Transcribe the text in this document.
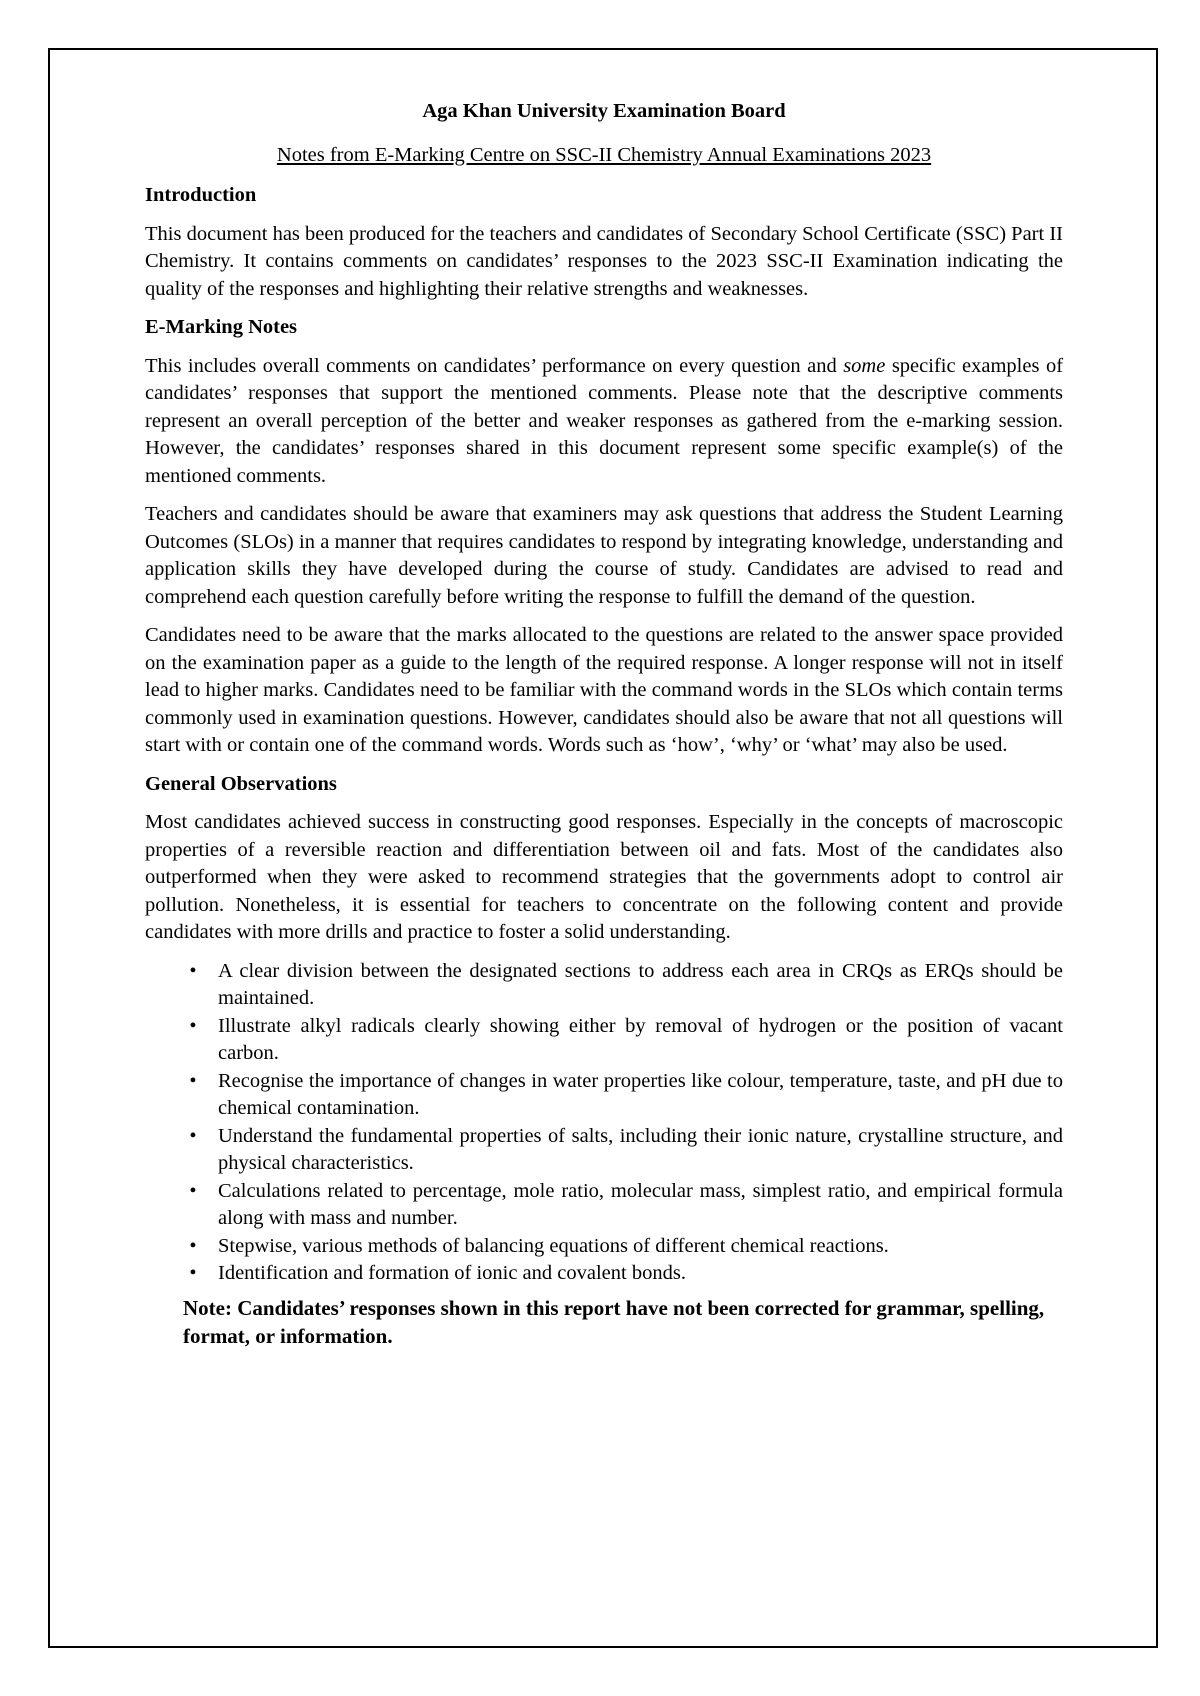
Aga Khan University Examination Board
Notes from E-Marking Centre on SSC-II Chemistry Annual Examinations 2023
Introduction

This document has been produced for the teachers and candidates of Secondary School Certificate (SSC) Part II Chemistry. It contains comments on candidates’ responses to the 2023 SSC-II Examination indicating the quality of the responses and highlighting their relative strengths and weaknesses.

E-Marking Notes

This includes overall comments on candidates’ performance on every question and some specific examples of candidates’ responses that support the mentioned comments. Please note that the descriptive comments represent an overall perception of the better and weaker responses as gathered from the e-marking session. However, the candidates’ responses shared in this document represent some specific example(s) of the mentioned comments.

Teachers and candidates should be aware that examiners may ask questions that address the Student Learning Outcomes (SLOs) in a manner that requires candidates to respond by integrating knowledge, understanding and application skills they have developed during the course of study. Candidates are advised to read and comprehend each question carefully before writing the response to fulfill the demand of the question.

Candidates need to be aware that the marks allocated to the questions are related to the answer space provided on the examination paper as a guide to the length of the required response. A longer response will not in itself lead to higher marks. Candidates need to be familiar with the command words in the SLOs which contain terms commonly used in examination questions. However, candidates should also be aware that not all questions will start with or contain one of the command words. Words such as ‘how’, ‘why’ or ‘what’ may also be used.

General Observations

Most candidates achieved success in constructing good responses. Especially in the concepts of macroscopic properties of a reversible reaction and differentiation between oil and fats. Most of the candidates also outperformed when they were asked to recommend strategies that the governments adopt to control air pollution. Nonetheless, it is essential for teachers to concentrate on the following content and provide candidates with more drills and practice to foster a solid understanding.

•	A clear division between the designated sections to address each area in CRQs as ERQs should be maintained.
•	Illustrate alkyl radicals clearly showing either by removal of hydrogen or the position of vacant carbon.
•	Recognise the importance of changes in water properties like colour, temperature, taste, and pH due to chemical contamination.
•	Understand the fundamental properties of salts, including their ionic nature, crystalline structure, and physical characteristics.
•	Calculations related to percentage, mole ratio, molecular mass, simplest ratio, and empirical formula along with mass and number.
•	Stepwise, various methods of balancing equations of different chemical reactions.
•	Identification and formation of ionic and covalent bonds.

Note: Candidates’ responses shown in this report have not been corrected for grammar, spelling, format, or information.
